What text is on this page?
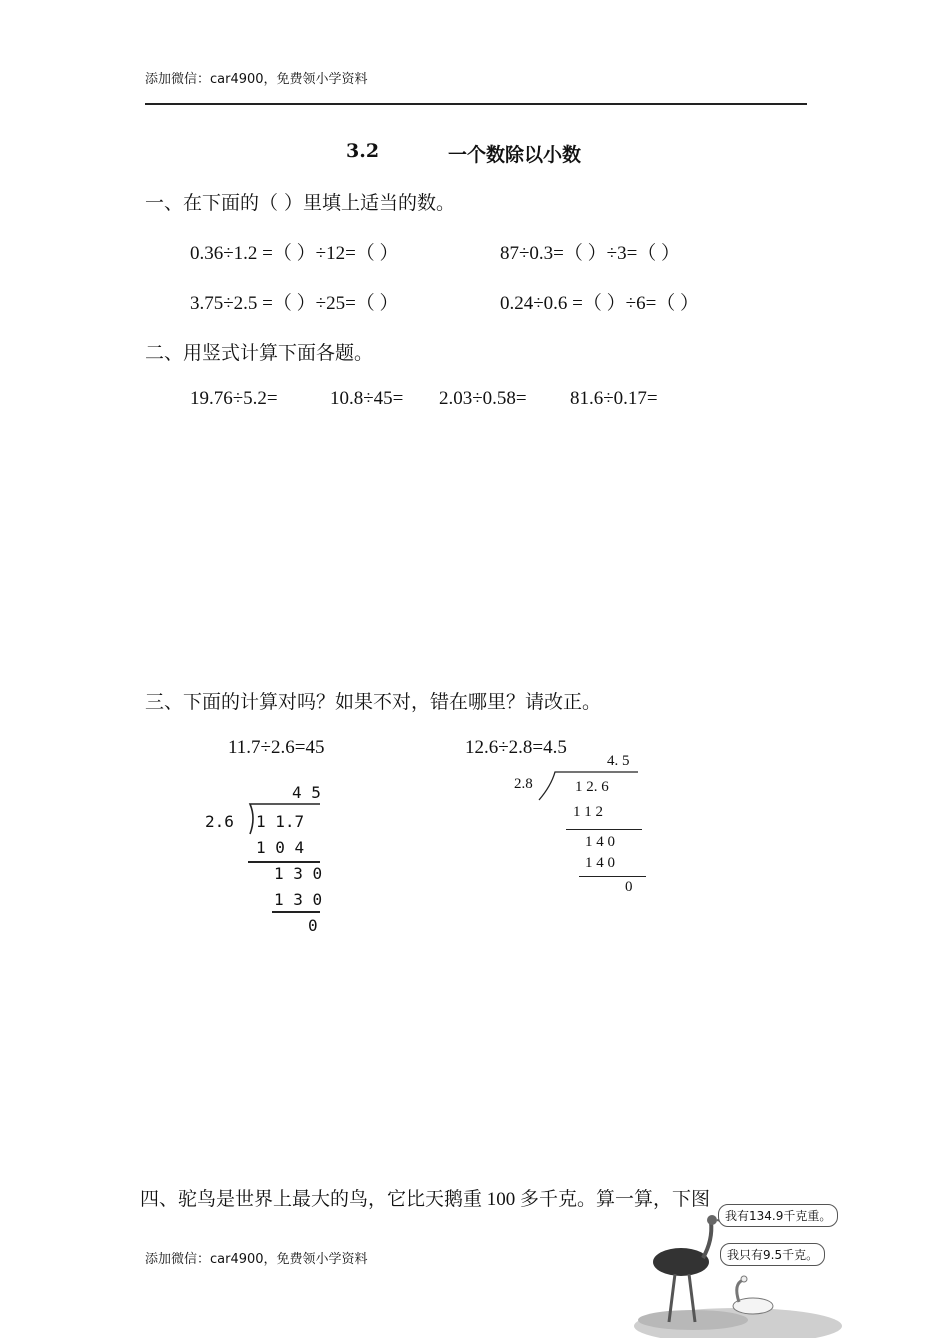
添加微信：car4900，免费领小学资料
3.2	一个数除以小数
一、在下面的（ ）里填上适当的数。
0.36÷1.2 =（ ）÷12=（ ）	87÷0.3=（ ）÷3=（ ）
3.75÷2.5 =（ ）÷25=（ ）	0.24÷0.6 =（ ）÷6=（ ）
二、用竖式计算下面各题。
19.76÷5.2=	10.8÷45= 2.03÷0.58= 81.6÷0.17=
三、下面的计算对吗？如果不对，错在哪里？请改正。
11.7÷2.6=45
4 5
2.6 1 1.7
1 0 4
1 3 0
1 3 0
0
12.6÷2.8=4.5
4. 5
2.8	1 2. 6
1 1 2
1 4 0
1 4 0
0
四、驼鸟是世界上最大的鸟，它比天鹅重 100 多千克。算一算，下图
我有134.9千克重。
我只有9.5千克。
添加微信：car4900，免费领小学资料
